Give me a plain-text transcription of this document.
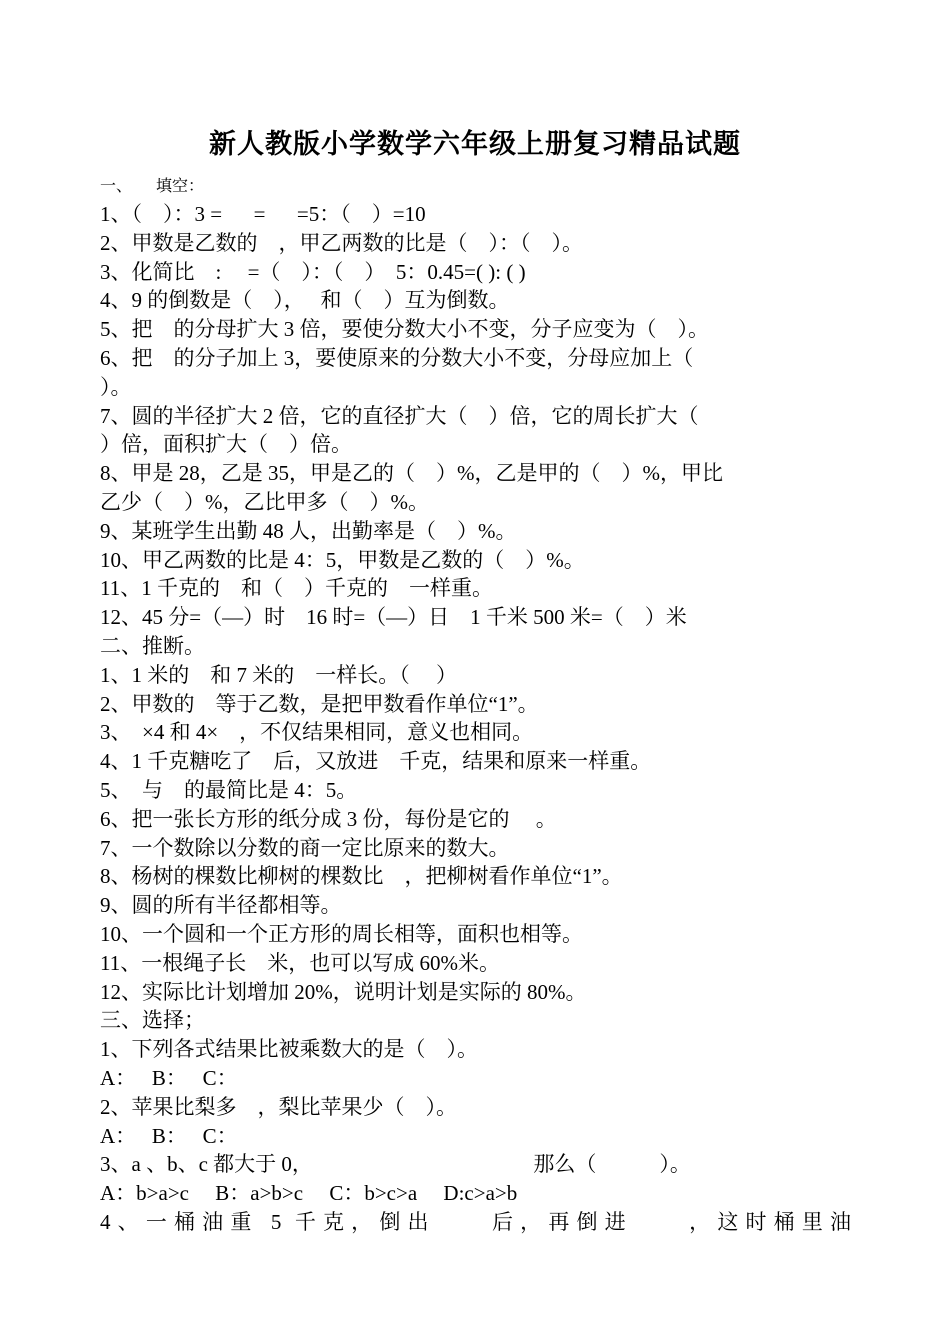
新人教版小学数学六年级上册复习精品试题
一、　　填空：
1、（　）：3 = 　 = 　 =5：（　）=10
2、甲数是乙数的　，甲乙两数的比是（　）：（　）。
3、化简比　:　 =（　）：（　）　5：0.45=( ): ( )
4、9 的倒数是（　），　 和（　）互为倒数。
5、把　的分母扩大 3 倍，要使分数大小不变，分子应变为（　）。
6、把　的分子加上 3，要使原来的分数大小不变，分母应加上（
）。
7、圆的半径扩大 2 倍，它的直径扩大（　）倍，它的周长扩大（
）倍，面积扩大（　）倍。
8、甲是 28，乙是 35，甲是乙的（　）%，乙是甲的（　）%，甲比
乙少（　）%，乙比甲多（　）%。
9、某班学生出勤 48 人，出勤率是（　）%。
10、甲乙两数的比是 4：5，甲数是乙数的（　）%。
11、1 千克的　和（　）千克的　一样重。
12、45 分=（—）时　16 时=（—）日　1 千米 500 米=（　）米
二、推断。
1、1 米的　和 7 米的　一样长。（　 ）
2、甲数的　等于乙数，是把甲数看作单位“1”。
3、　×4 和 4×　，不仅结果相同，意义也相同。
4、1 千克糖吃了　后，又放进　千克，结果和原来一样重。
5、　与　的最简比是 4：5。
6、把一张长方形的纸分成 3 份，每份是它的　 。
7、一个数除以分数的商一定比原来的数大。
8、杨树的棵数比柳树的棵数比　，把柳树看作单位“1”。
9、圆的所有半径都相等。
10、一个圆和一个正方形的周长相等，面积也相等。
11、一根绳子长　米，也可以写成 60%米。
12、实际比计划增加 20%，说明计划是实际的 80%。
三、选择；
1、下列各式结果比被乘数大的是（　）。
A：　 B：　 C：
2、苹果比梨多　，梨比苹果少（　）。
A：　 B：　 C：
3、a 、b、c 都大于 0，　　　　　　　　　　　那么（　　　）。
A：b>a>c　 B：a>b>c　 C：b>c>a　 D:c>a>b
4、一桶油重 5 千克，倒出　　后，再倒进　　，这时桶里油
